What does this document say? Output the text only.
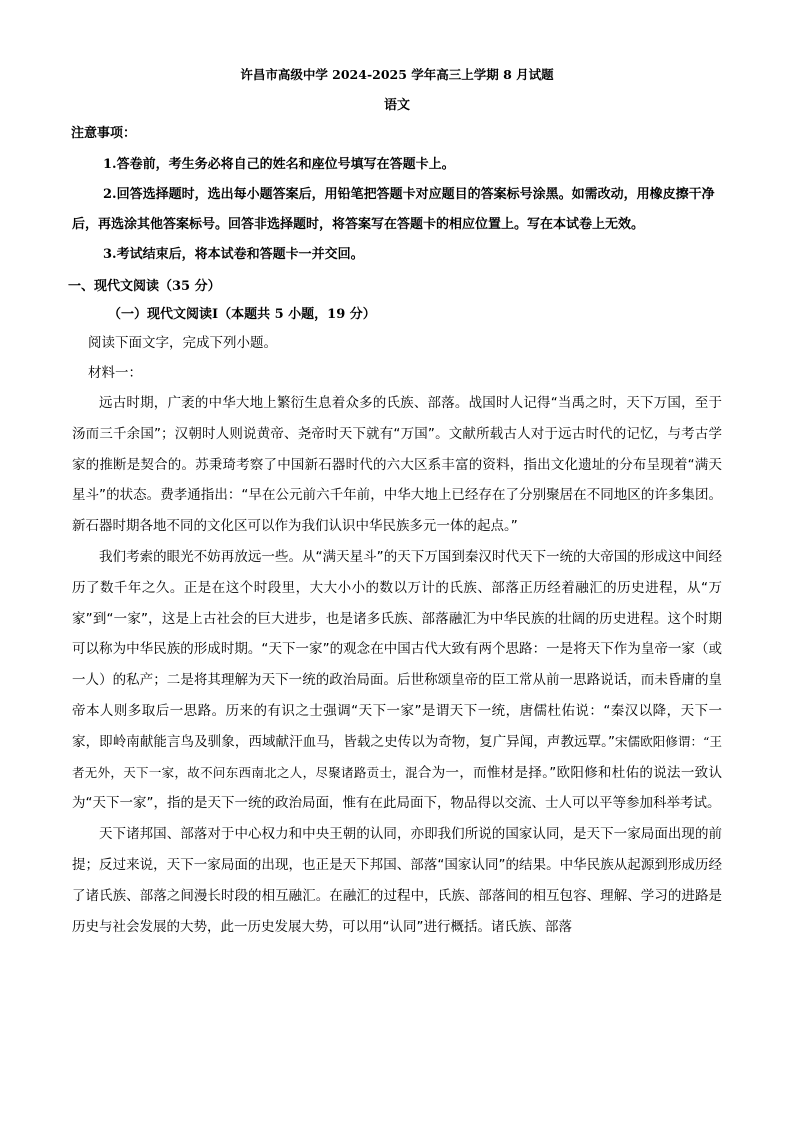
许昌市高级中学 2024-2025 学年高三上学期 8 月试题
语文
注意事项：
1.答卷前，考生务必将自己的姓名和座位号填写在答题卡上。
2.回答选择题时，选出每小题答案后，用铅笔把答题卡对应题目的答案标号涂黑。如需改动，用橡皮擦干净后，再选涂其他答案标号。回答非选择题时，将答案写在答题卡的相应位置上。写在本试卷上无效。
3.考试结束后，将本试卷和答题卡一并交回。
一、现代文阅读（35 分）
（一）现代文阅读Ⅰ（本题共 5 小题，19 分）
阅读下面文字，完成下列小题。
材料一：

远古时期，广袤的中华大地上繁衍生息着众多的氏族、部落。战国时人记得“当禹之时，天下万国，至于汤而三千余国”；汉朝时人则说黄帝、尧帝时天下就有“万国”。文献所载古人对于远古时代的记忆，与考古学家的推断是契合的。苏秉琦考察了中国新石器时代的六大区系丰富的资料，指出文化遗址的分布呈现着“满天星斗”的状态。费孝通指出：“早在公元前六千年前，中华大地上已经存在了分别聚居在不同地区的许多集团。新石器时期各地不同的文化区可以作为我们认识中华民族多元一体的起点。”

我们考索的眼光不妨再放远一些。从“满天星斗”的天下万国到秦汉时代天下一统的大帝国的形成这中间经历了数千年之久。正是在这个时段里，大大小小的数以万计的氏族、部落正历经着融汇的历史进程，从“万家”到“一家”，这是上古社会的巨大进步，也是诸多氏族、部落融汇为中华民族的壮阔的历史进程。这个时期可以称为中华民族的形成时期。“天下一家”的观念在中国古代大致有两个思路：一是将天下作为皇帝一家（或一人）的私产；二是将其理解为天下一统的政治局面。后世称颂皇帝的臣工常从前一思路说话，而未昏庸的皇帝本人则多取后一思路。历来的有识之士强调“天下一家”是谓天下一统，唐儒杜佑说：“秦汉以降，天下一家，即岭南献能言鸟及驯象，西域献汗血马，皆载之史传以为奇物，复广异闻，声教远覃。”宋儒欧阳修谓：“王者无外，天下一家，故不问东西南北之人，尽聚诸路贡士，混合为一，而惟材是择。”欧阳修和杜佑的说法一致认为“天下一家”，指的是天下一统的政治局面，惟有在此局面下，物品得以交流、士人可以平等参加科举考试。

天下诸邦国、部落对于中心权力和中央王朝的认同，亦即我们所说的国家认同，是天下一家局面出现的前提；反过来说，天下一家局面的出现，也正是天下邦国、部落“国家认同”的结果。中华民族从起源到形成历经了诸氏族、部落之间漫长时段的相互融汇。在融汇的过程中，氏族、部落间的相互包容、理解、学习的进路是历史与社会发展的大势，此一历史发展大势，可以用“认同”进行概括。诸氏族、部落
